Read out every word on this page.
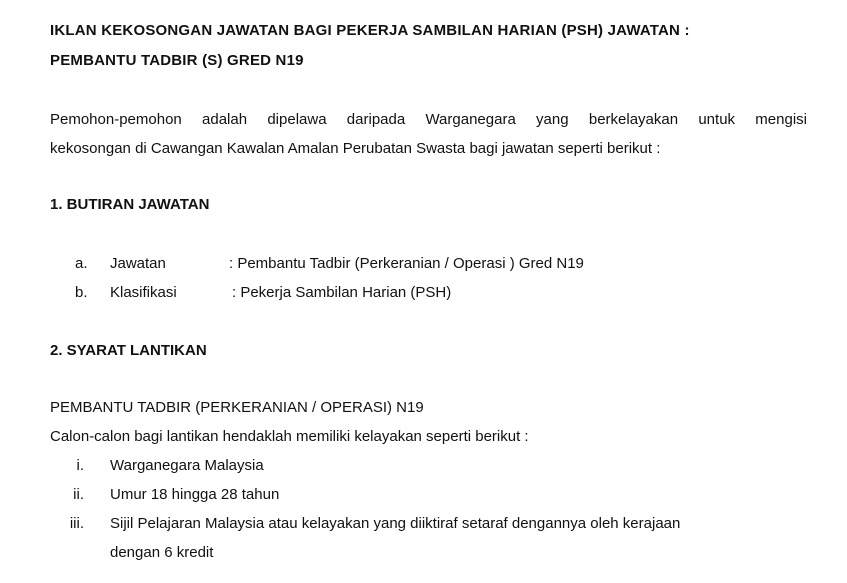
IKLAN KEKOSONGAN JAWATAN BAGI PEKERJA SAMBILAN HARIAN (PSH) JAWATAN :
PEMBANTU TADBIR (S) GRED N19
Pemohon-pemohon adalah dipelawa daripada Warganegara yang berkelayakan untuk mengisi
kekosongan di Cawangan Kawalan Amalan Perubatan Swasta bagi jawatan seperti berikut :
1. BUTIRAN JAWATAN
a. Jawatan	: Pembantu Tadbir (Perkeranian / Operasi ) Gred N19
b. Klasifikasi	: Pekerja Sambilan Harian (PSH)
2. SYARAT LANTIKAN
PEMBANTU TADBIR (PERKERANIAN / OPERASI) N19
Calon-calon bagi lantikan hendaklah memiliki kelayakan seperti berikut :
i. Warganegara Malaysia
ii. Umur 18 hingga 28 tahun
iii. Sijil Pelajaran Malaysia atau kelayakan yang diiktiraf setaraf dengannya oleh kerajaan
dengan 6 kredit
